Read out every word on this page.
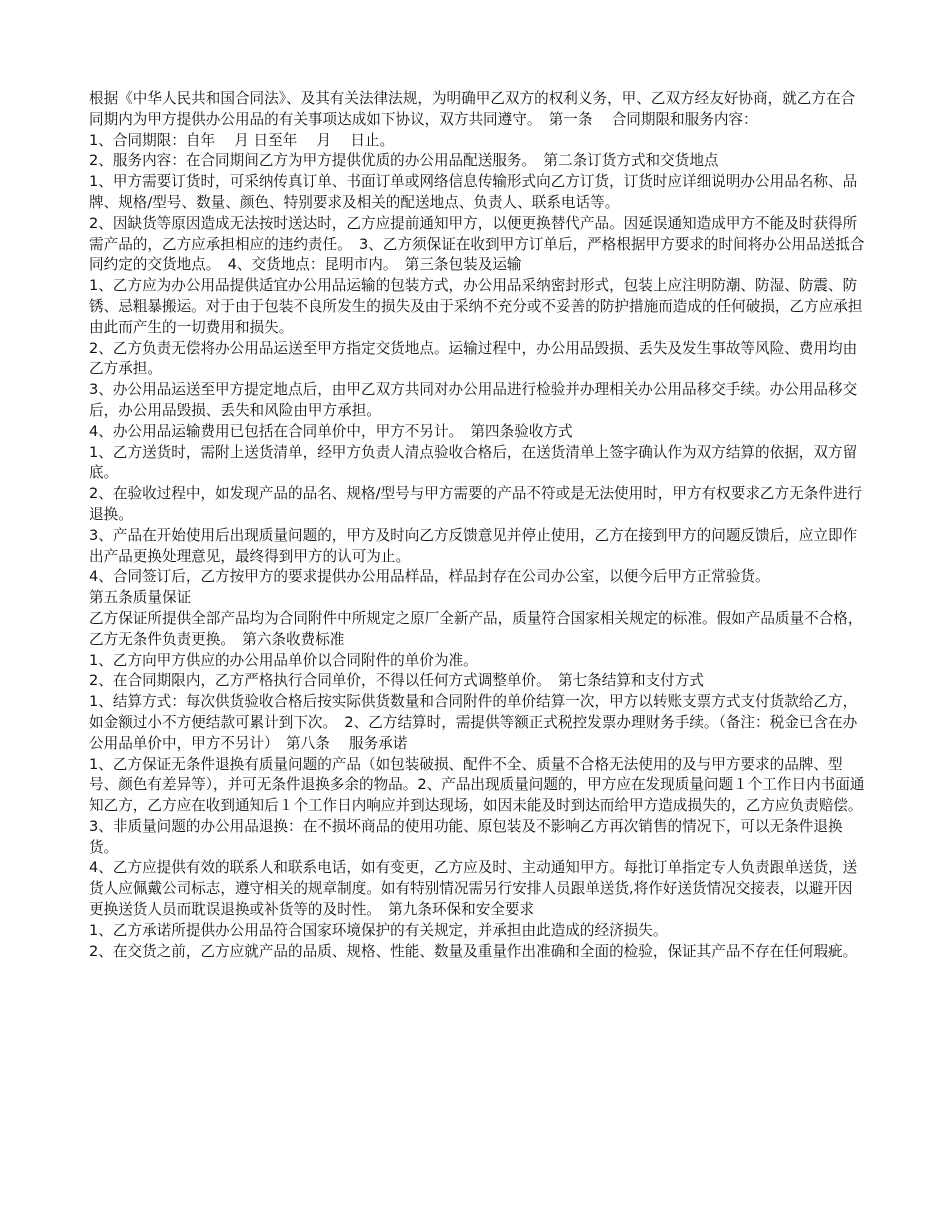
根据《中华人民共和国合同法》、及其有关法律法规，为明确甲乙双方的权利义务，甲、乙双方经友好协商，就乙方在合同期内为甲方提供办公用品的有关事项达成如下协议，双方共同遵守。　第一条　 合同期限和服务内容：

1、合同期限：自年　 月 日至年　 月　 日止。

2、服务内容：在合同期间乙方为甲方提供优质的办公用品配送服务。　第二条订货方式和交货地点

1、甲方需要订货时，可采纳传真订单、书面订单或网络信息传输形式向乙方订货，订货时应详细说明办公用品名称、品牌、规格/型号、数量、颜色、特别要求及相关的配送地点、负责人、联系电话等。

2、因缺货等原因造成无法按时送达时，乙方应提前通知甲方，以便更换替代产品。因延误通知造成甲方不能及时获得所需产品的，乙方应承担相应的违约责任。　3、乙方须保证在收到甲方订单后，严格根据甲方要求的时间将办公用品送抵合同约定的交货地点。　4、交货地点：昆明市内。　第三条包装及运输

1、乙方应为办公用品提供适宜办公用品运输的包装方式，办公用品采纳密封形式，包装上应注明防潮、防湿、防震、防锈、忌粗暴搬运。对于由于包装不良所发生的损失及由于采纳不充分或不妥善的防护措施而造成的任何破损，乙方应承担由此而产生的一切费用和损失。

2、乙方负责无偿将办公用品运送至甲方指定交货地点。运输过程中，办公用品毁损、丢失及发生事故等风险、费用均由乙方承担。

3、办公用品运送至甲方提定地点后，由甲乙双方共同对办公用品进行检验并办理相关办公用品移交手续。办公用品移交后，办公用品毁损、丢失和风险由甲方承担。

4、办公用品运输费用已包括在合同单价中，甲方不另计。　第四条验收方式

1、乙方送货时，需附上送货清单，经甲方负责人清点验收合格后，在送货清单上签字确认作为双方结算的依据，双方留底。

2、在验收过程中，如发现产品的品名、规格/型号与甲方需要的产品不符或是无法使用时，甲方有权要求乙方无条件进行退换。

3、产品在开始使用后出现质量问题的，甲方及时向乙方反馈意见并停止使用，乙方在接到甲方的问题反馈后，应立即作出产品更换处理意见，最终得到甲方的认可为止。

4、合同签订后，乙方按甲方的要求提供办公用品样品，样品封存在公司办公室，以便今后甲方正常验货。

第五条质量保证

乙方保证所提供全部产品均为合同附件中所规定之原厂全新产品，质量符合国家相关规定的标准。假如产品质量不合格，乙方无条件负责更换。　第六条收费标准

1、乙方向甲方供应的办公用品单价以合同附件的单价为准。

2、在合同期限内，乙方严格执行合同单价，不得以任何方式调整单价。　第七条结算和支付方式

1、结算方式：每次供货验收合格后按实际供货数量和合同附件的单价结算一次，甲方以转账支票方式支付货款给乙方，如金额过小不方便结款可累计到下次。　2、乙方结算时，需提供等额正式税控发票办理财务手续。（备注：税金已含在办公用品单价中，甲方不另计）　第八条　 服务承诺

1、乙方保证无条件退换有质量问题的产品（如包装破损、配件不全、质量不合格无法使用的及与甲方要求的品牌、型号、颜色有差异等），并可无条件退换多余的物品。2、产品出现质量问题的，甲方应在发现质量问题１个工作日内书面通知乙方，乙方应在收到通知后１个工作日内响应并到达现场，如因未能及时到达而给甲方造成损失的，乙方应负责赔偿。

3、非质量问题的办公用品退换：在不损坏商品的使用功能、原包装及不影响乙方再次销售的情况下，可以无条件退换货。

4、乙方应提供有效的联系人和联系电话，如有变更，乙方应及时、主动通知甲方。每批订单指定专人负责跟单送货，送货人应佩戴公司标志，遵守相关的规章制度。如有特别情况需另行安排人员跟单送货,将作好送货情况交接表，以避开因更换送货人员而耽误退换或补货等的及时性。　第九条环保和安全要求

1、乙方承诺所提供办公用品符合国家环境保护的有关规定，并承担由此造成的经济损失。

2、在交货之前，乙方应就产品的品质、规格、性能、数量及重量作出准确和全面的检验，保证其产品不存在任何瑕疵。
